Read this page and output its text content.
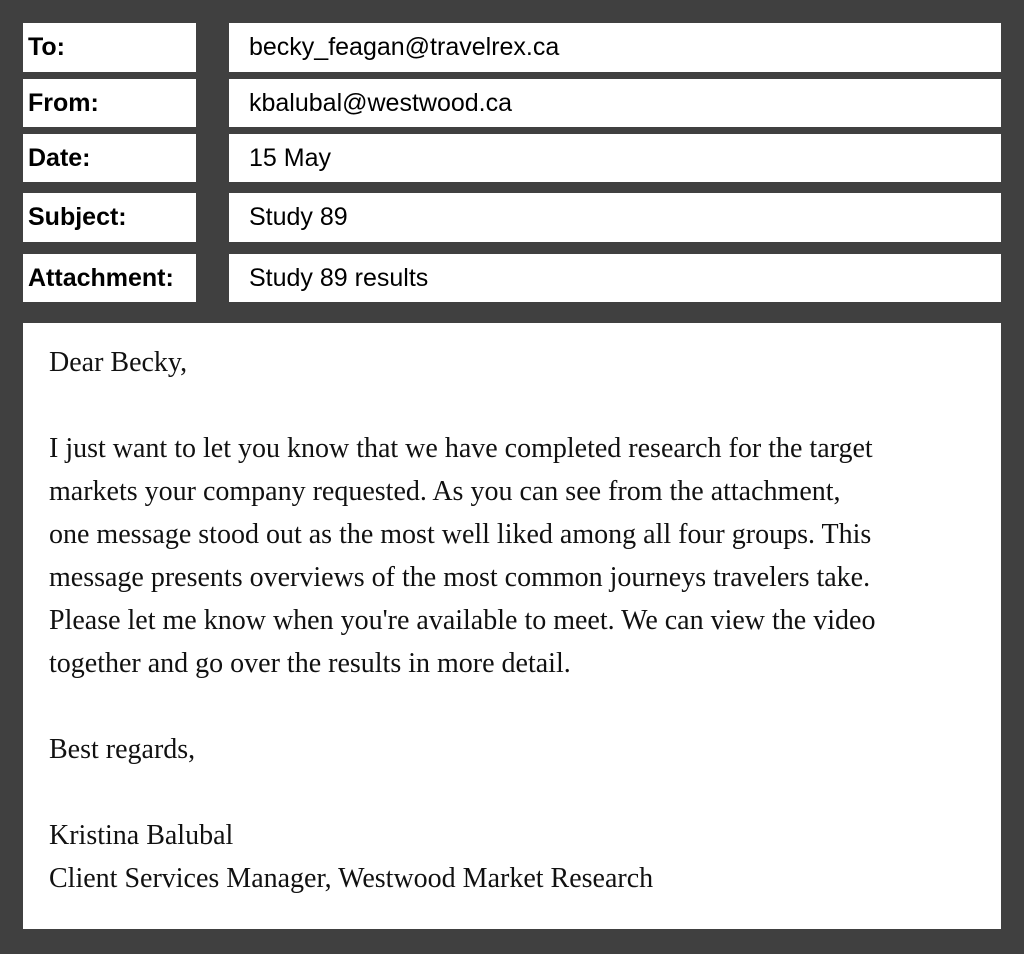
To:	becky_feagan@travelrex.ca
From:	kbalubal@westwood.ca
Date:	15 May
Subject:	Study 89
Attachment:	Study 89 results

Dear Becky,

I just want to let you know that we have completed research for the target

markets your company requested. As you can see from the attachment,

one message stood out as the most well liked among all four groups. This

message presents overviews of the most common journeys travelers take.

Please let me know when you're available to meet. We can view the video

together and go over the results in more detail.

Best regards,

Kristina Balubal

Client Services Manager, Westwood Market Research
